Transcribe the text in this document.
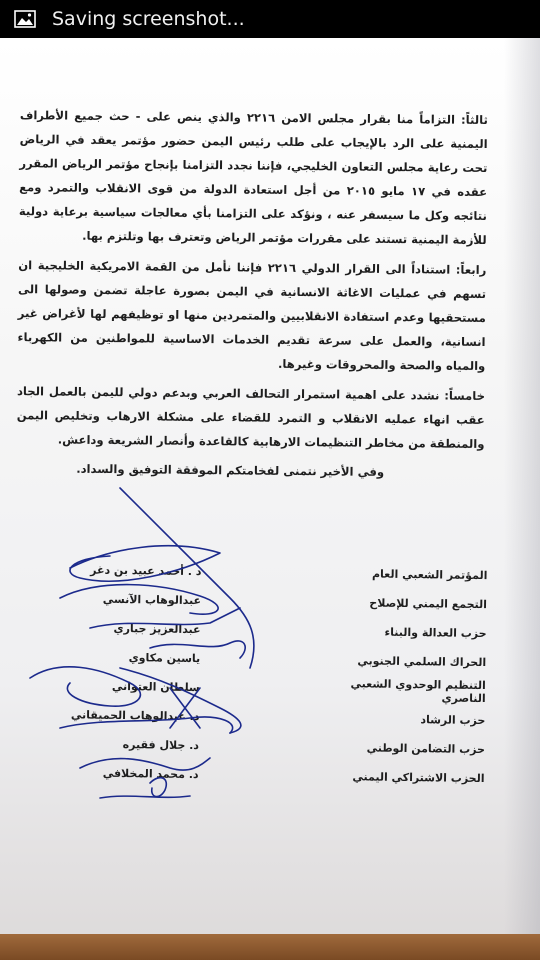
Saving screenshot...

ثالثاً: التزاماً منا بقرار مجلس الامن ٢٢١٦ والذي ينص على - حث جميع الأطراف اليمنية على الرد بالإيجاب على طلب رئيس اليمن حضور مؤتمر يعقد في الرياض تحت رعاية مجلس التعاون الخليجي، فإننا نجدد التزامنا بإنجاح مؤتمر الرياض المقرر عقده في ١٧ مايو ٢٠١٥ من أجل استعادة الدولة من قوى الانقلاب والتمرد ومع نتائجه وكل ما سيسفر عنه ، ونؤكد على التزامنا بأي معالجات سياسية برعاية دولية للأزمة اليمنية تستند على مقررات مؤتمر الرياض وتعترف بها وتلتزم بها.

رابعاً: استناداً الى القرار الدولي ٢٢١٦ فإننا نأمل من القمة الامريكية الخليجية ان تسهم في عمليات الاغاثة الانسانية في اليمن بصورة عاجلة تضمن وصولها الى مستحقيها وعدم استفادة الانقلابيين والمتمردين منها او توظيفهم لها لأغراض غير انسانية، والعمل على سرعة تقديم الخدمات الاساسية للمواطنين من الكهرباء والمياه والصحة والمحروقات وغيرها.

خامساً: نشدد على اهمية استمرار التحالف العربي وبدعم دولي لليمن بالعمل الجاد عقب انهاء عمليه الانقلاب و التمرد للقضاء على مشكلة الارهاب وتخليص اليمن والمنطقة من مخاطر التنظيمات الارهابية كالقاعدة وأنصار الشريعة وداعش.

وفي الأخير نتمنى لفخامتكم الموفقة التوفيق والسداد.
المؤتمر الشعبي العام
د . أحمد عبيد بن دغر
التجمع اليمني للإصلاح
عبدالوهاب الآنسي
حزب العدالة والبناء
عبدالعزيز جباري
الحراك السلمي الجنوبي
ياسين مكاوي
التنظيم الوحدوي الشعبي الناصري
سلطان العتواني
حزب الرشاد
د. عبدالوهاب الحميقاني
حزب التضامن الوطني
د. جلال فقيره
الحزب الاشتراكي اليمني
د. محمد المخلافي
